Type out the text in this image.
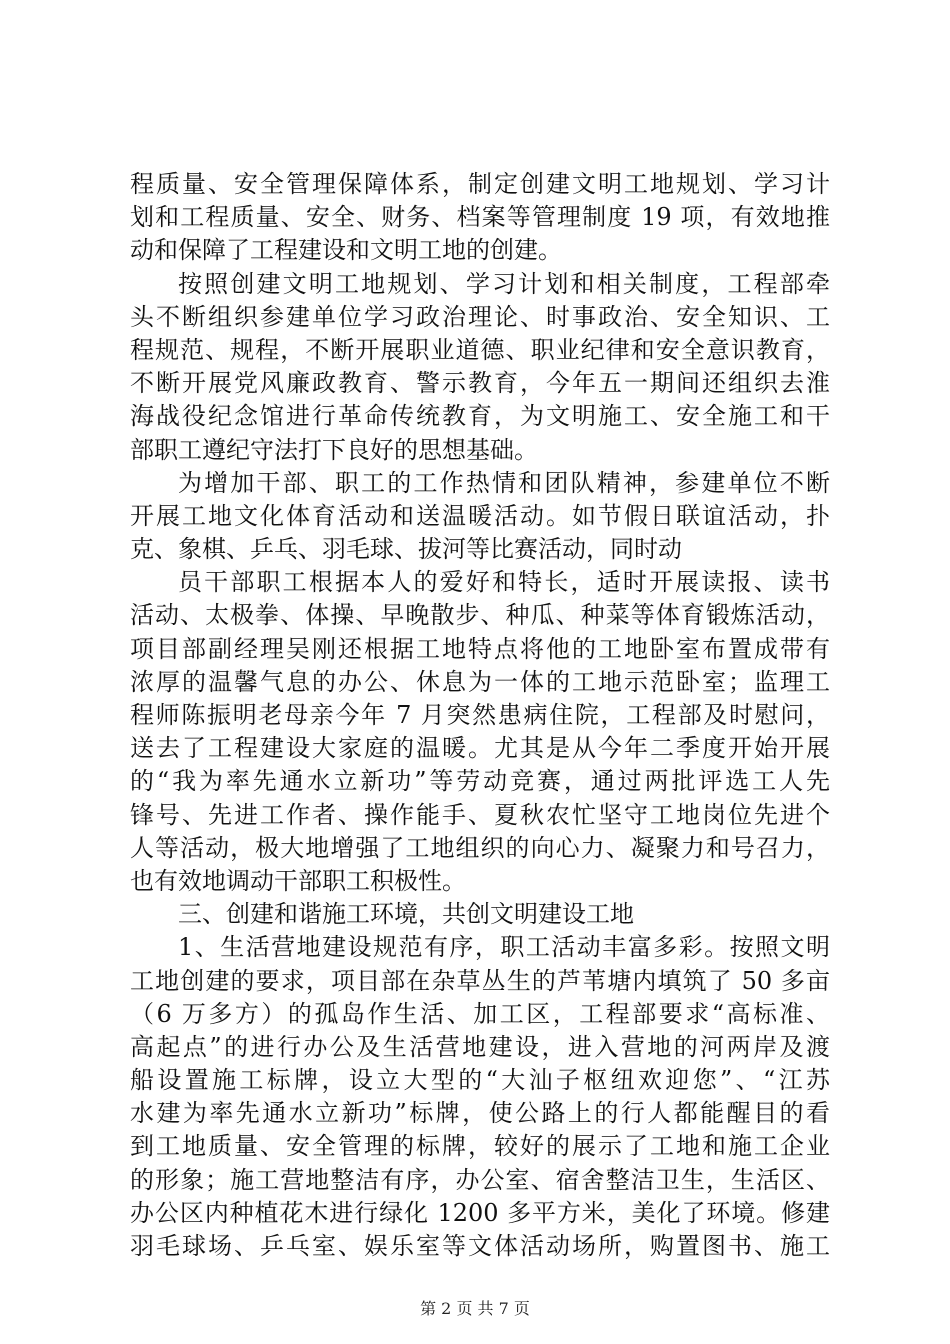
程质量、安全管理保障体系，制定创建文明工地规划、学习计
划和工程质量、安全、财务、档案等管理制度 19 项，有效地推
动和保障了工程建设和文明工地的创建。
按照创建文明工地规划、学习计划和相关制度，工程部牵
头不断组织参建单位学习政治理论、时事政治、安全知识、工
程规范、规程，不断开展职业道德、职业纪律和安全意识教育，
不断开展党风廉政教育、警示教育，今年五一期间还组织去淮
海战役纪念馆进行革命传统教育，为文明施工、安全施工和干
部职工遵纪守法打下良好的思想基础。
为增加干部、职工的工作热情和团队精神，参建单位不断
开展工地文化体育活动和送温暖活动。如节假日联谊活动，扑
克、象棋、乒乓、羽毛球、拔河等比赛活动，同时动
员干部职工根据本人的爱好和特长，适时开展读报、读书
活动、太极拳、体操、早晚散步、种瓜、种菜等体育锻炼活动，
项目部副经理吴刚还根据工地特点将他的工地卧室布置成带有
浓厚的温馨气息的办公、休息为一体的工地示范卧室；监理工
程师陈振明老母亲今年 7 月突然患病住院，工程部及时慰问，
送去了工程建设大家庭的温暖。尤其是从今年二季度开始开展
的“我为率先通水立新功”等劳动竞赛，通过两批评选工人先
锋号、先进工作者、操作能手、夏秋农忙坚守工地岗位先进个
人等活动，极大地增强了工地组织的向心力、凝聚力和号召力，
也有效地调动干部职工积极性。
三、创建和谐施工环境，共创文明建设工地
1、生活营地建设规范有序，职工活动丰富多彩。按照文明
工地创建的要求，项目部在杂草丛生的芦苇塘内填筑了 50 多亩
（6 万多方）的孤岛作生活、加工区，工程部要求“高标准、
高起点”的进行办公及生活营地建设，进入营地的河两岸及渡
船设置施工标牌，设立大型的“大汕子枢纽欢迎您”、“江苏
水建为率先通水立新功”标牌，使公路上的行人都能醒目的看
到工地质量、安全管理的标牌，较好的展示了工地和施工企业
的形象；施工营地整洁有序，办公室、宿舍整洁卫生，生活区、
办公区内种植花木进行绿化 1200 多平方米，美化了环境。修建
羽毛球场、乒乓室、娱乐室等文体活动场所，购置图书、施工
第 2 页 共 7 页
